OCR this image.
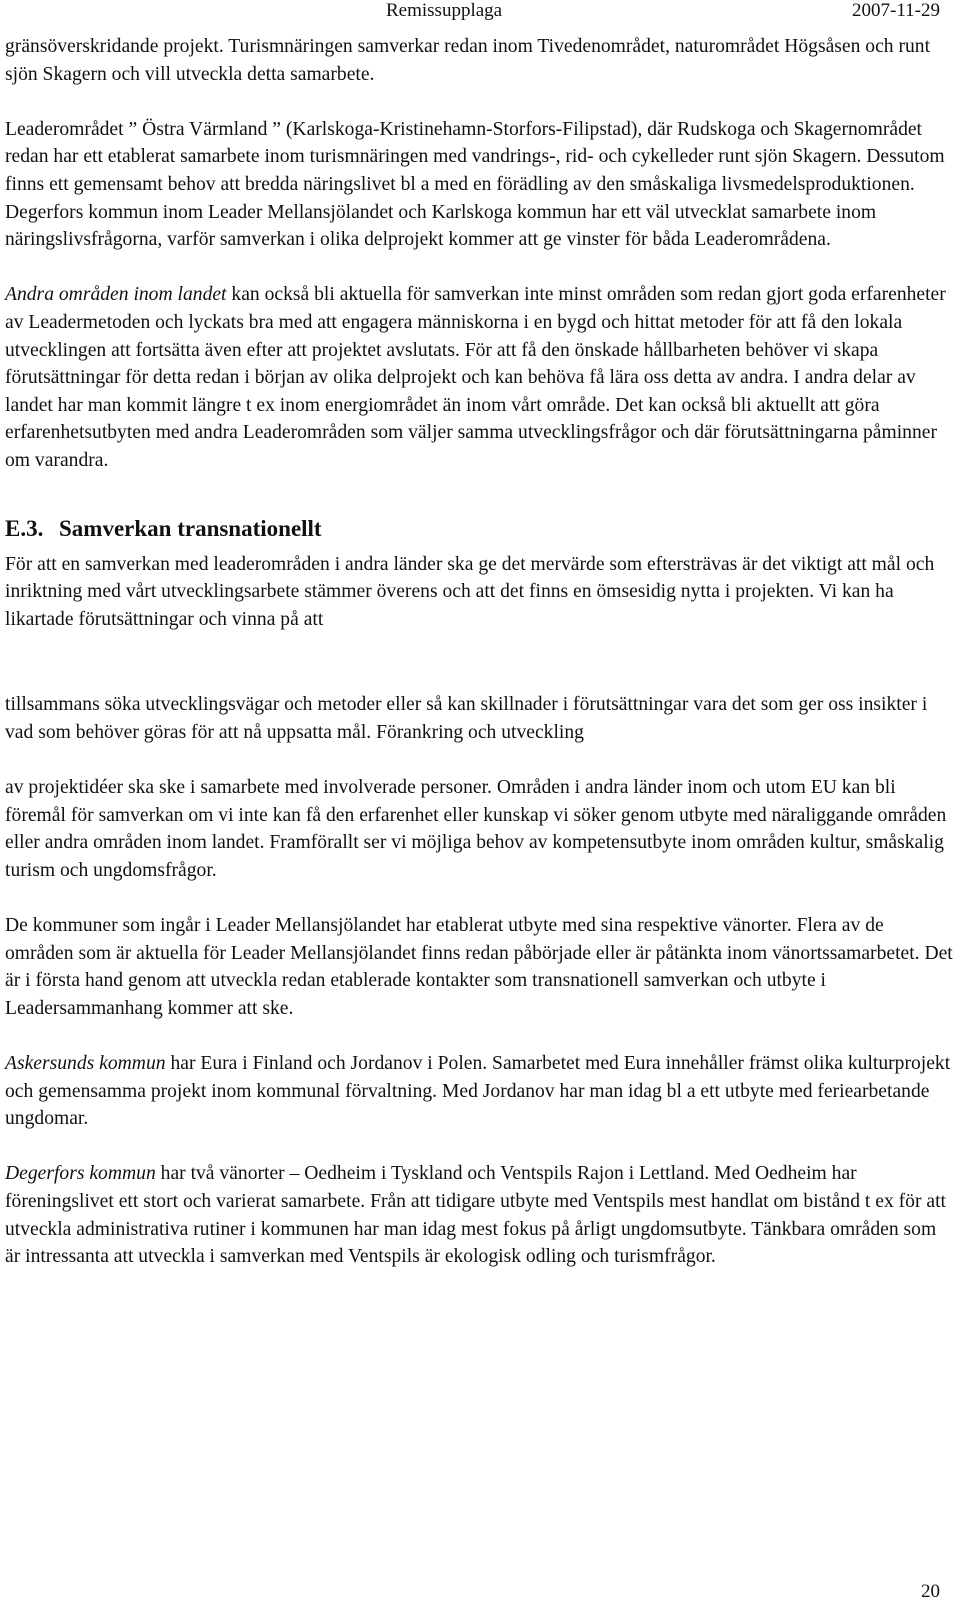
Remissupplaga	2007-11-29

gränsöverskridande projekt. Turismnäringen samverkar redan inom Tivedenområdet, naturområdet Högsåsen och runt sjön Skagern och vill utveckla detta samarbete.

Leaderområdet ” Östra Värmland ” (Karlskoga-Kristinehamn-Storfors-Filipstad), där Rudskoga och Skagernområdet redan har ett etablerat samarbete inom turismnäringen med vandrings-, rid- och cykelleder runt sjön Skagern. Dessutom finns ett gemensamt behov att bredda näringslivet bl a med en förädling av den småskaliga livsmedelsproduktionen. Degerfors kommun inom Leader Mellansjölandet och Karlskoga kommun har ett väl utvecklat samarbete inom näringslivsfrågorna, varför samverkan i olika delprojekt kommer att ge vinster för båda Leaderområdena.

Andra områden inom landet kan också bli aktuella för samverkan inte minst områden som redan gjort goda erfarenheter av Leadermetoden och lyckats bra med att engagera människorna i en bygd och hittat metoder för att få den lokala utvecklingen att fortsätta även efter att projektet avslutats. För att få den önskade hållbarheten behöver vi skapa förutsättningar för detta redan i början av olika delprojekt och kan behöva få lära oss detta av andra. I andra delar av landet har man kommit längre t ex inom energiområdet än inom vårt område. Det kan också bli aktuellt att göra erfarenhetsutbyten med andra Leaderområden som väljer samma utvecklingsfrågor och där förutsättningarna påminner om varandra.

E.3. Samverkan transnationellt

För att en samverkan med leaderområden i andra länder ska ge det mervärde som eftersträvas är det viktigt att mål och inriktning med vårt utvecklingsarbete stämmer överens och att det finns en ömsesidig nytta i projekten. Vi kan ha likartade förutsättningar och vinna på att

tillsammans söka utvecklingsvägar och metoder eller så kan skillnader i förutsättningar vara det som ger oss insikter i vad som behöver göras för att nå uppsatta mål. Förankring och utveckling

av projektidéer ska ske i samarbete med involverade personer. Områden i andra länder inom och utom EU kan bli föremål för samverkan om vi inte kan få den erfarenhet eller kunskap vi söker genom utbyte med näraliggande områden eller andra områden inom landet. Framförallt ser vi möjliga behov av kompetensutbyte inom områden kultur, småskalig turism och ungdomsfrågor.

De kommuner som ingår i Leader Mellansjölandet har etablerat utbyte med sina respektive vänorter. Flera av de områden som är aktuella för Leader Mellansjölandet finns redan påbörjade eller är påtänkta inom vänortssamarbetet. Det är i första hand genom att utveckla redan etablerade kontakter som transnationell samverkan och utbyte i Leadersammanhang kommer att ske.

Askersunds kommun har Eura i Finland och Jordanov i Polen. Samarbetet med Eura innehåller främst olika kulturprojekt och gemensamma projekt inom kommunal förvaltning. Med Jordanov har man idag bl a ett utbyte med feriearbetande ungdomar.

Degerfors kommun har två vänorter – Oedheim i Tyskland och Ventspils Rajon i Lettland. Med Oedheim har föreningslivet ett stort och varierat samarbete. Från att tidigare utbyte med Ventspils mest handlat om bistånd t ex för att utveckla administrativa rutiner i kommunen har man idag mest fokus på årligt ungdomsutbyte. Tänkbara områden som är intressanta att utveckla i samverkan med Ventspils är ekologisk odling och turismfrågor.

20
